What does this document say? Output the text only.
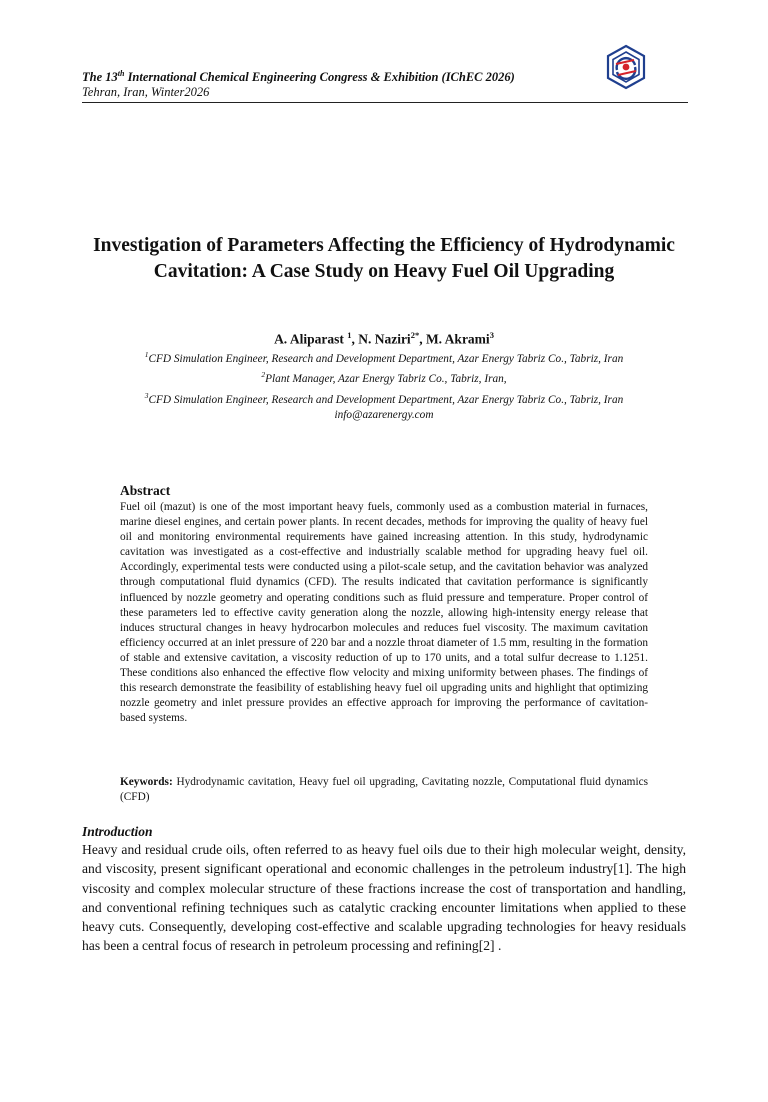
The 13th International Chemical Engineering Congress & Exhibition (IChEC 2026)
Tehran, Iran, Winter2026
Investigation of Parameters Affecting the Efficiency of Hydrodynamic Cavitation: A Case Study on Heavy Fuel Oil Upgrading
A. Aliparast $^1$, N. Naziri$^{2*}$, M. Akrami$^3$
$^1$CFD Simulation Engineer, Research and Development Department, Azar Energy Tabriz Co., Tabriz, Iran
$^2$Plant Manager, Azar Energy Tabriz Co., Tabriz, Iran,
$^3$CFD Simulation Engineer, Research and Development Department, Azar Energy Tabriz Co., Tabriz, Iran
info@azarenergy.com
Abstract
Fuel oil (mazut) is one of the most important heavy fuels, commonly used as a combustion material in furnaces, marine diesel engines, and certain power plants. In recent decades, methods for improving the quality of heavy fuel oil and monitoring environmental requirements have gained increasing attention. In this study, hydrodynamic cavitation was investigated as a cost-effective and industrially scalable method for upgrading heavy fuel oil. Accordingly, experimental tests were conducted using a pilot-scale setup, and the cavitation behavior was analyzed through computational fluid dynamics (CFD). The results indicated that cavitation performance is significantly influenced by nozzle geometry and operating conditions such as fluid pressure and temperature. Proper control of these parameters led to effective cavity generation along the nozzle, allowing high-intensity energy release that induces structural changes in heavy hydrocarbon molecules and reduces fuel viscosity. The maximum cavitation efficiency occurred at an inlet pressure of 220 bar and a nozzle throat diameter of 1.5 mm, resulting in the formation of stable and extensive cavitation, a viscosity reduction of up to 170 units, and a total sulfur decrease to 1.1251. These conditions also enhanced the effective flow velocity and mixing uniformity between phases. The findings of this research demonstrate the feasibility of establishing heavy fuel oil upgrading units and highlight that optimizing nozzle geometry and inlet pressure provides an effective approach for improving the performance of cavitation-based systems.
Keywords: Hydrodynamic cavitation, Heavy fuel oil upgrading, Cavitating nozzle, Computational fluid dynamics (CFD)
Introduction
Heavy and residual crude oils, often referred to as heavy fuel oils due to their high molecular weight, density, and viscosity, present significant operational and economic challenges in the petroleum industry[1]. The high viscosity and complex molecular structure of these fractions increase the cost of transportation and handling, and conventional refining techniques such as catalytic cracking encounter limitations when applied to these heavy cuts. Consequently, developing cost-effective and scalable upgrading technologies for heavy residuals has been a central focus of research in petroleum processing and refining[2] .
